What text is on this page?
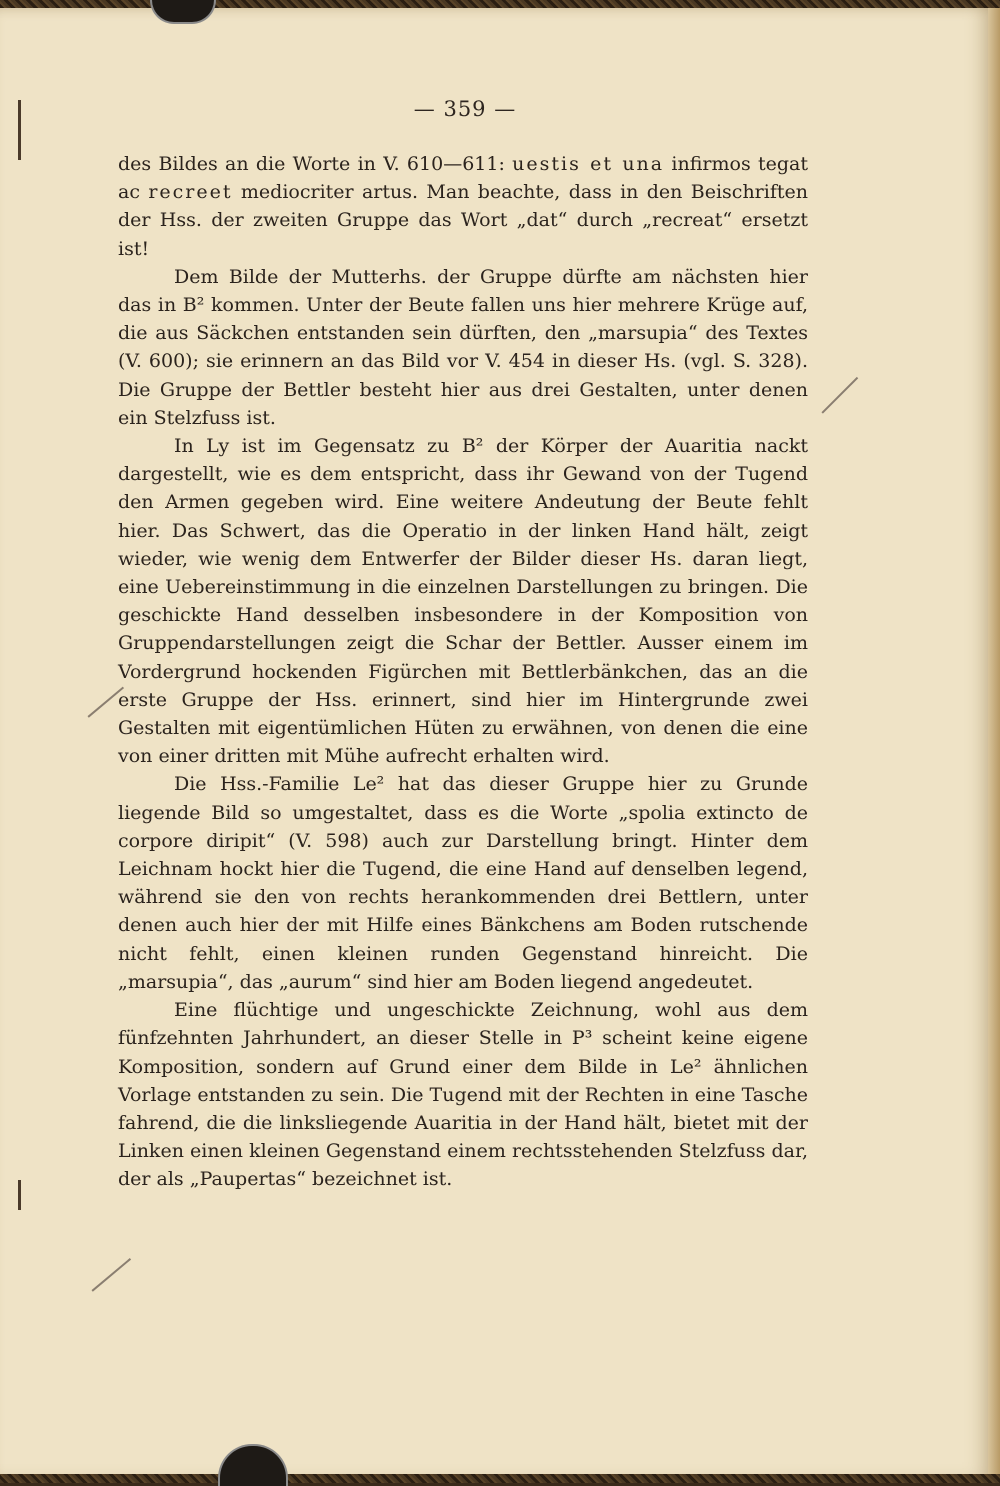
— 359 —

des Bildes an die Worte in V. 610—611: uestis et una infirmos tegat ac recreet mediocriter artus. Man beachte, dass in den Beischriften der Hss. der zweiten Gruppe das Wort „dat“ durch „recreat“ ersetzt ist!

Dem Bilde der Mutterhs. der Gruppe dürfte am nächsten hier das in B² kommen. Unter der Beute fallen uns hier mehrere Krüge auf, die aus Säckchen entstanden sein dürften, den „marsupia“ des Textes (V. 600); sie erinnern an das Bild vor V. 454 in dieser Hs. (vgl. S. 328). Die Gruppe der Bettler besteht hier aus drei Gestalten, unter denen ein Stelzfuss ist.

In Ly ist im Gegensatz zu B² der Körper der Auaritia nackt dargestellt, wie es dem entspricht, dass ihr Gewand von der Tugend den Armen gegeben wird. Eine weitere Andeutung der Beute fehlt hier. Das Schwert, das die Operatio in der linken Hand hält, zeigt wieder, wie wenig dem Entwerfer der Bilder dieser Hs. daran liegt, eine Uebereinstimmung in die einzelnen Darstellungen zu bringen. Die geschickte Hand desselben insbesondere in der Komposition von Gruppendarstellungen zeigt die Schar der Bettler. Ausser einem im Vordergrund hockenden Figürchen mit Bettlerbänkchen, das an die erste Gruppe der Hss. erinnert, sind hier im Hintergrunde zwei Gestalten mit eigentümlichen Hüten zu erwähnen, von denen die eine von einer dritten mit Mühe aufrecht erhalten wird.

Die Hss.-Familie Le² hat das dieser Gruppe hier zu Grunde liegende Bild so umgestaltet, dass es die Worte „spolia extincto de corpore diripit“ (V. 598) auch zur Darstellung bringt. Hinter dem Leichnam hockt hier die Tugend, die eine Hand auf denselben legend, während sie den von rechts herankommenden drei Bettlern, unter denen auch hier der mit Hilfe eines Bänkchens am Boden rutschende nicht fehlt, einen kleinen runden Gegenstand hinreicht. Die „marsupia“, das „aurum“ sind hier am Boden liegend angedeutet.

Eine flüchtige und ungeschickte Zeichnung, wohl aus dem fünfzehnten Jahrhundert, an dieser Stelle in P³ scheint keine eigene Komposition, sondern auf Grund einer dem Bilde in Le² ähnlichen Vorlage entstanden zu sein. Die Tugend mit der Rechten in eine Tasche fahrend, die die linksliegende Auaritia in der Hand hält, bietet mit der Linken einen kleinen Gegenstand einem rechtsstehenden Stelzfuss dar, der als „Paupertas“ bezeichnet ist.
